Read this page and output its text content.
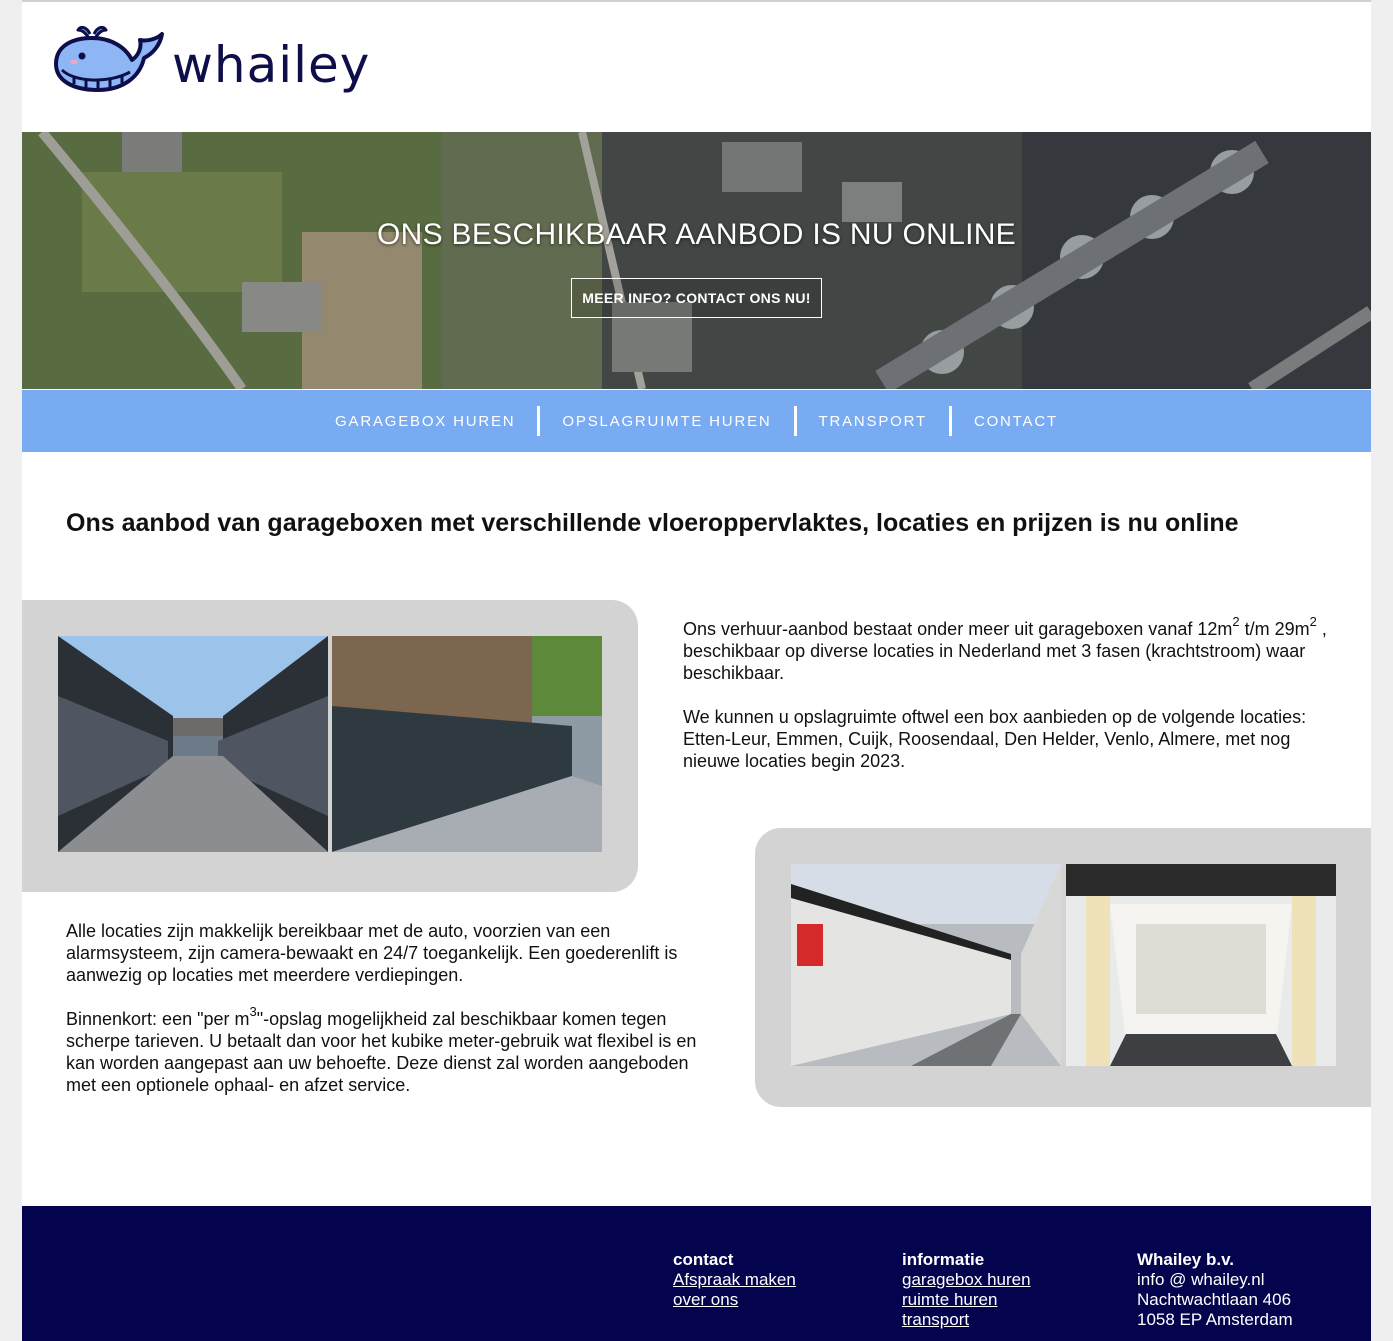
whailey
ONS BESCHIKBAAR AANBOD IS NU ONLINE
MEER INFO? CONTACT ONS NU!
GARAGEBOX HUREN	OPSLAGRUIMTE HUREN	TRANSPORT	CONTACT
Ons aanbod van garageboxen met verschillende vloeroppervlaktes, locaties en prijzen is nu online

Ons verhuur-aanbod bestaat onder meer uit garageboxen vanaf $12m^2$ t/m $29m^2$ , beschikbaar op diverse locaties in Nederland met 3 fasen (krachtstroom) waar beschikbaar.

We kunnen u opslagruimte oftwel een box aanbieden op de volgende locaties: Etten-Leur, Emmen, Cuijk, Roosendaal, Den Helder, Venlo, Almere, met nog nieuwe locaties begin 2023.

Alle locaties zijn makkelijk bereikbaar met de auto, voorzien van een alarmsysteem, zijn camera-bewaakt en 24/7 toegankelijk. Een goederenlift is aanwezig op locaties met meerdere verdiepingen.

Binnenkort: een "per $m^3$"-opslag mogelijkheid zal beschikbaar komen tegen scherpe tarieven. U betaalt dan voor het kubike meter-gebruik wat flexibel is en kan worden aangepast aan uw behoefte. Deze dienst zal worden aangeboden met een optionele ophaal- en afzet service.

contact
Afspraak maken
over ons
informatie
garagebox huren
ruimte huren
transport
Whailey b.v.
info @ whailey.nl
Nachtwachtlaan 406
1058 EP Amsterdam
